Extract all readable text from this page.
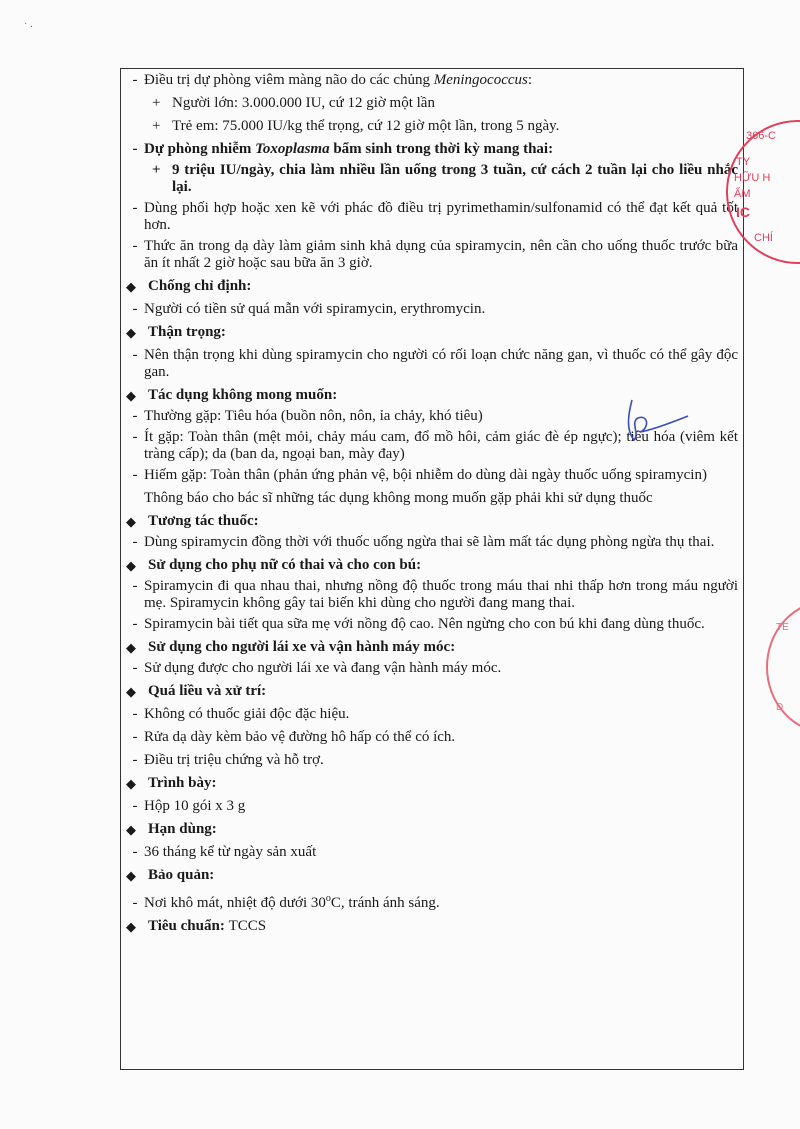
˙ ·
- Điều trị dự phòng viêm màng não do các chủng Meningococcus:
+ Người lớn: 3.000.000 IU, cứ 12 giờ một lần
+ Trẻ em: 75.000 IU/kg thể trọng, cứ 12 giờ một lần, trong 5 ngày.
- Dự phòng nhiễm Toxoplasma bẩm sinh trong thời kỳ mang thai:
+ 9 triệu IU/ngày, chia làm nhiều lần uống trong 3 tuần, cứ cách 2 tuần lại cho liều nhắc lại.
- Dùng phối hợp hoặc xen kẽ với phác đồ điều trị pyrimethamin/sulfonamid có thể đạt kết quả tốt hơn.
- Thức ăn trong dạ dày làm giảm sinh khả dụng của spiramycin, nên cần cho uống thuốc trước bữa ăn ít nhất 2 giờ hoặc sau bữa ăn 3 giờ.
◆ Chống chỉ định:
- Người có tiền sử quá mẫn với spiramycin, erythromycin.
◆ Thận trọng:
- Nên thận trọng khi dùng spiramycin cho người có rối loạn chức năng gan, vì thuốc có thể gây độc gan.
◆ Tác dụng không mong muốn:
- Thường gặp: Tiêu hóa (buồn nôn, nôn, ỉa chảy, khó tiêu)
- Ít gặp: Toàn thân (mệt mỏi, chảy máu cam, đổ mồ hôi, cảm giác đè ép ngực); tiêu hóa (viêm kết tràng cấp); da (ban da, ngoại ban, mày đay)
- Hiếm gặp: Toàn thân (phản ứng phản vệ, bội nhiễm do dùng dài ngày thuốc uống spiramycin)
Thông báo cho bác sĩ những tác dụng không mong muốn gặp phải khi sử dụng thuốc
◆ Tương tác thuốc:
- Dùng spiramycin đồng thời với thuốc uống ngừa thai sẽ làm mất tác dụng phòng ngừa thụ thai.
◆ Sử dụng cho phụ nữ có thai và cho con bú:
- Spiramycin đi qua nhau thai, nhưng nồng độ thuốc trong máu thai nhi thấp hơn trong máu người mẹ. Spiramycin không gây tai biến khi dùng cho người đang mang thai.
- Spiramycin bài tiết qua sữa mẹ với nồng độ cao. Nên ngừng cho con bú khi đang dùng thuốc.
◆ Sử dụng cho người lái xe và vận hành máy móc:
- Sử dụng được cho người lái xe và đang vận hành máy móc.
◆ Quá liều và xử trí:
- Không có thuốc giải độc đặc hiệu.
- Rửa dạ dày kèm bảo vệ đường hô hấp có thể có ích.
- Điều trị triệu chứng và hỗ trợ.
◆ Trình bày:
- Hộp 10 gói x 3 g
◆ Hạn dùng:
- 36 tháng kể từ ngày sản xuất
◆ Bảo quản:
- Nơi khô mát, nhiệt độ dưới 30$^o$C, tránh ánh sáng.
◆ Tiêu chuẩn: TCCS
366-C
TY
HỮU H
ẨM
IC
CHÍ
TE
D
